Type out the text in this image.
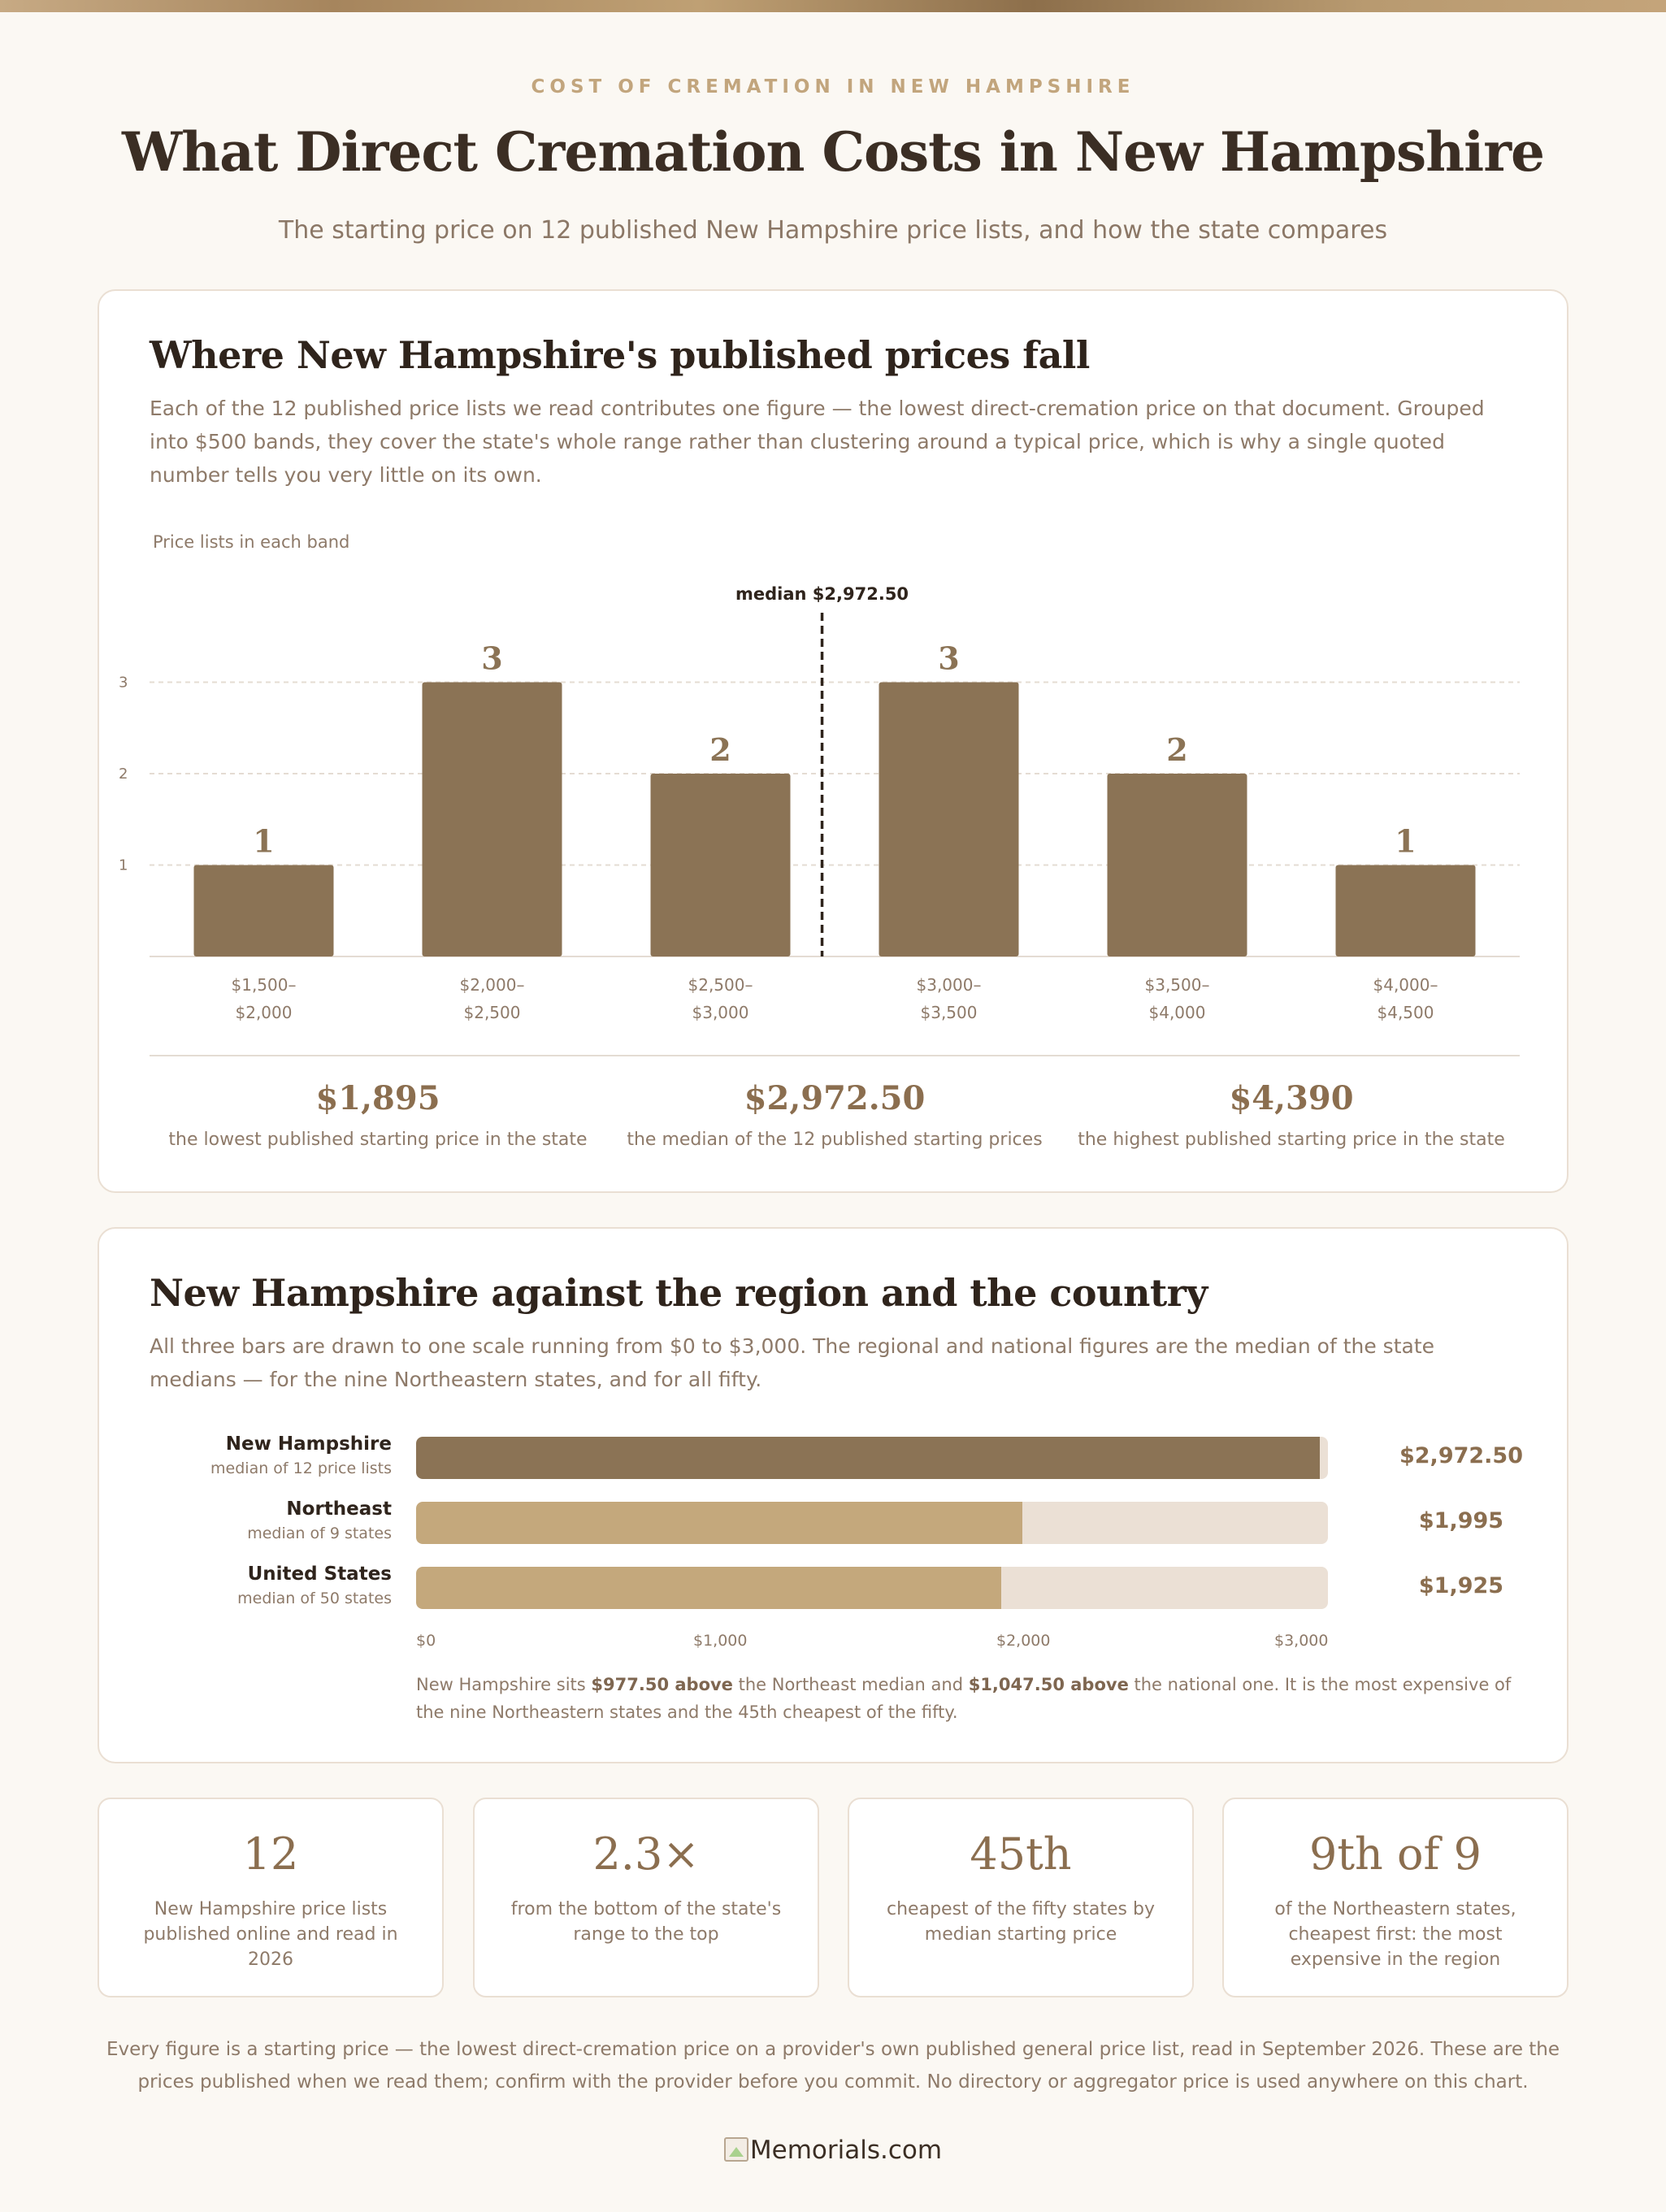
COST OF CREMATION IN NEW HAMPSHIRE
What Direct Cremation Costs in New Hampshire
The starting price on 12 published New Hampshire price lists, and how the state compares
Where New Hampshire's published prices fall

Each of the 12 published price lists we read contributes one figure — the lowest direct-cremation price on that document. Grouped into $500 bands, they cover the state's whole range rather than clustering around a typical price, which is why a single quoted number tells you very little on its own.

Price lists in each band
1
2
3
1
$1,500–
$2,000
3
$2,000–
$2,500
2
$2,500–
$3,000
3
$3,000–
$3,500
2
$3,500–
$4,000
1
$4,000–
$4,500
median $2,972.50
$1,895
the lowest published starting price in the state
$2,972.50
the median of the 12 published starting prices
$4,390
the highest published starting price in the state
New Hampshire against the region and the country

All three bars are drawn to one scale running from $0 to $3,000. The regional and national figures are the median of the state medians — for the nine Northeastern states, and for all fifty.

New Hampshire
median of 12 price lists	$2,972.50
Northeast
median of 9 states	$1,995
United States
median of 50 states	$1,925
$0	$1,000	$2,000	$3,000

New Hampshire sits $977.50 above the Northeast median and $1,047.50 above the national one. It is the most expensive of the nine Northeastern states and the 45th cheapest of the fifty.

12
New Hampshire price lists published online and read in 2026
2.3×
from the bottom of the state's range to the top
45th
cheapest of the fifty states by median starting price
9th of 9
of the Northeastern states, cheapest first: the most expensive in the region

Every figure is a starting price — the lowest direct-cremation price on a provider's own published general price list, read in September 2026. These are the prices published when we read them; confirm with the provider before you commit. No directory or aggregator price is used anywhere on this chart.

Memorials.com
